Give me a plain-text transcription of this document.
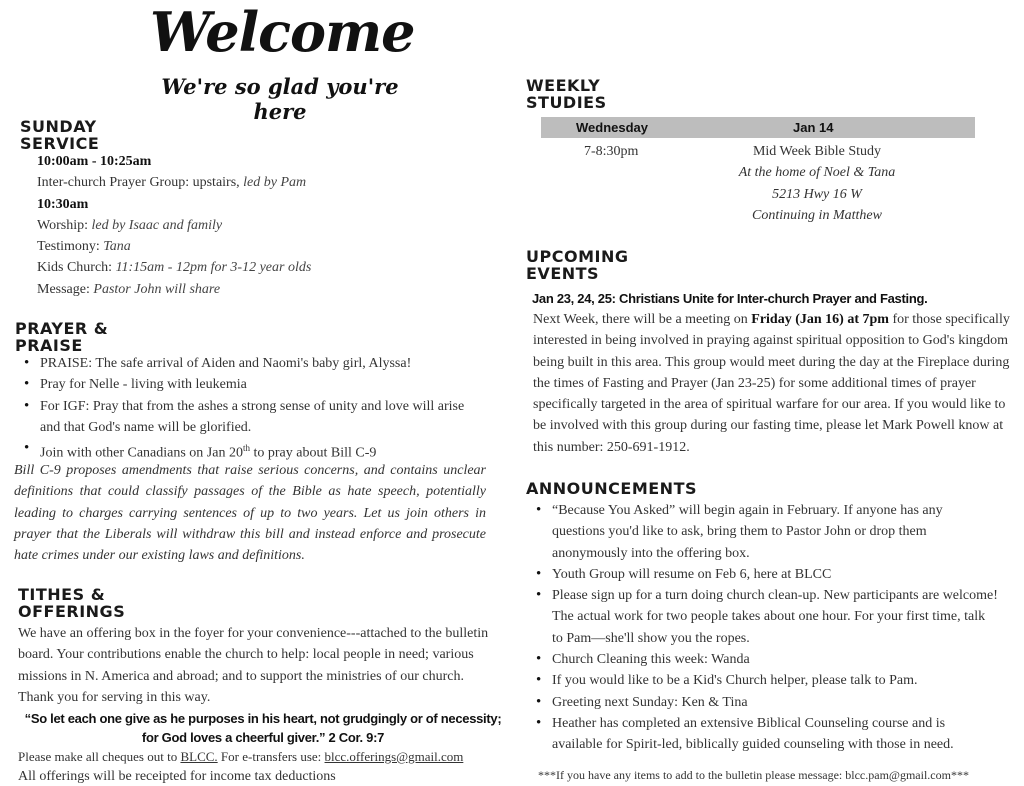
Welcome
We're so glad you're here
SUNDAY
SERVICE
10:00am - 10:25am
Inter-church Prayer Group: upstairs, led by Pam
10:30am
Worship: led by Isaac and family
Testimony: Tana
Kids Church: 11:15am - 12pm for 3-12 year olds
Message: Pastor John will share
PRAYER &
PRAISE
• PRAISE: The safe arrival of Aiden and Naomi's baby girl, Alyssa!
• Pray for Nelle - living with leukemia
• For IGF: Pray that from the ashes a strong sense of unity and love will arise and that God's name will be glorified.
• Join with other Canadians on Jan 20th to pray about Bill C-9
Bill C-9 proposes amendments that raise serious concerns, and contains unclear definitions that could classify passages of the Bible as hate speech, potentially leading to charges carrying sentences of up to two years. Let us join others in prayer that the Liberals will withdraw this bill and instead enforce and prosecute hate crimes under our existing laws and definitions.
TITHES &
OFFERINGS
We have an offering box in the foyer for your convenience---attached to the bulletin board. Your contributions enable the church to help: local people in need; various missions in N. America and abroad; and to support the ministries of our church. Thank you for serving in this way.
“So let each one give as he purposes in his heart, not grudgingly or of necessity;
for God loves a cheerful giver.” 2 Cor. 9:7
Please make all cheques out to BLCC. For e-transfers use: blcc.offerings@gmail.com
All offerings will be receipted for income tax deductions
WEEKLY
STUDIES
Wednesday	Jan 14
7-8:30pm	Mid Week Bible Study
At the home of Noel & Tana
5213 Hwy 16 W
Continuing in Matthew
UPCOMING
EVENTS
Jan 23, 24, 25: Christians Unite for Inter-church Prayer and Fasting.
Next Week, there will be a meeting on Friday (Jan 16) at 7pm for those specifically interested in being involved in praying against spiritual opposition to God's kingdom being built in this area. This group would meet during the day at the Fireplace during the times of Fasting and Prayer (Jan 23-25) for some additional times of prayer specifically targeted in the area of spiritual warfare for our area. If you would like to be involved with this group during our fasting time, please let Mark Powell know at this number: 250-691-1912.
ANNOUNCEMENTS
• “Because You Asked” will begin again in February. If anyone has any questions you'd like to ask, bring them to Pastor John or drop them anonymously into the offering box.
• Youth Group will resume on Feb 6, here at BLCC
• Please sign up for a turn doing church clean-up. New participants are welcome! The actual work for two people takes about one hour. For your first time, talk to Pam—she'll show you the ropes.
• Church Cleaning this week: Wanda
• If you would like to be a Kid's Church helper, please talk to Pam.
• Greeting next Sunday: Ken & Tina
• Heather has completed an extensive Biblical Counseling course and is available for Spirit-led, biblically guided counseling with those in need.
***If you have any items to add to the bulletin please message: blcc.pam@gmail.com***
